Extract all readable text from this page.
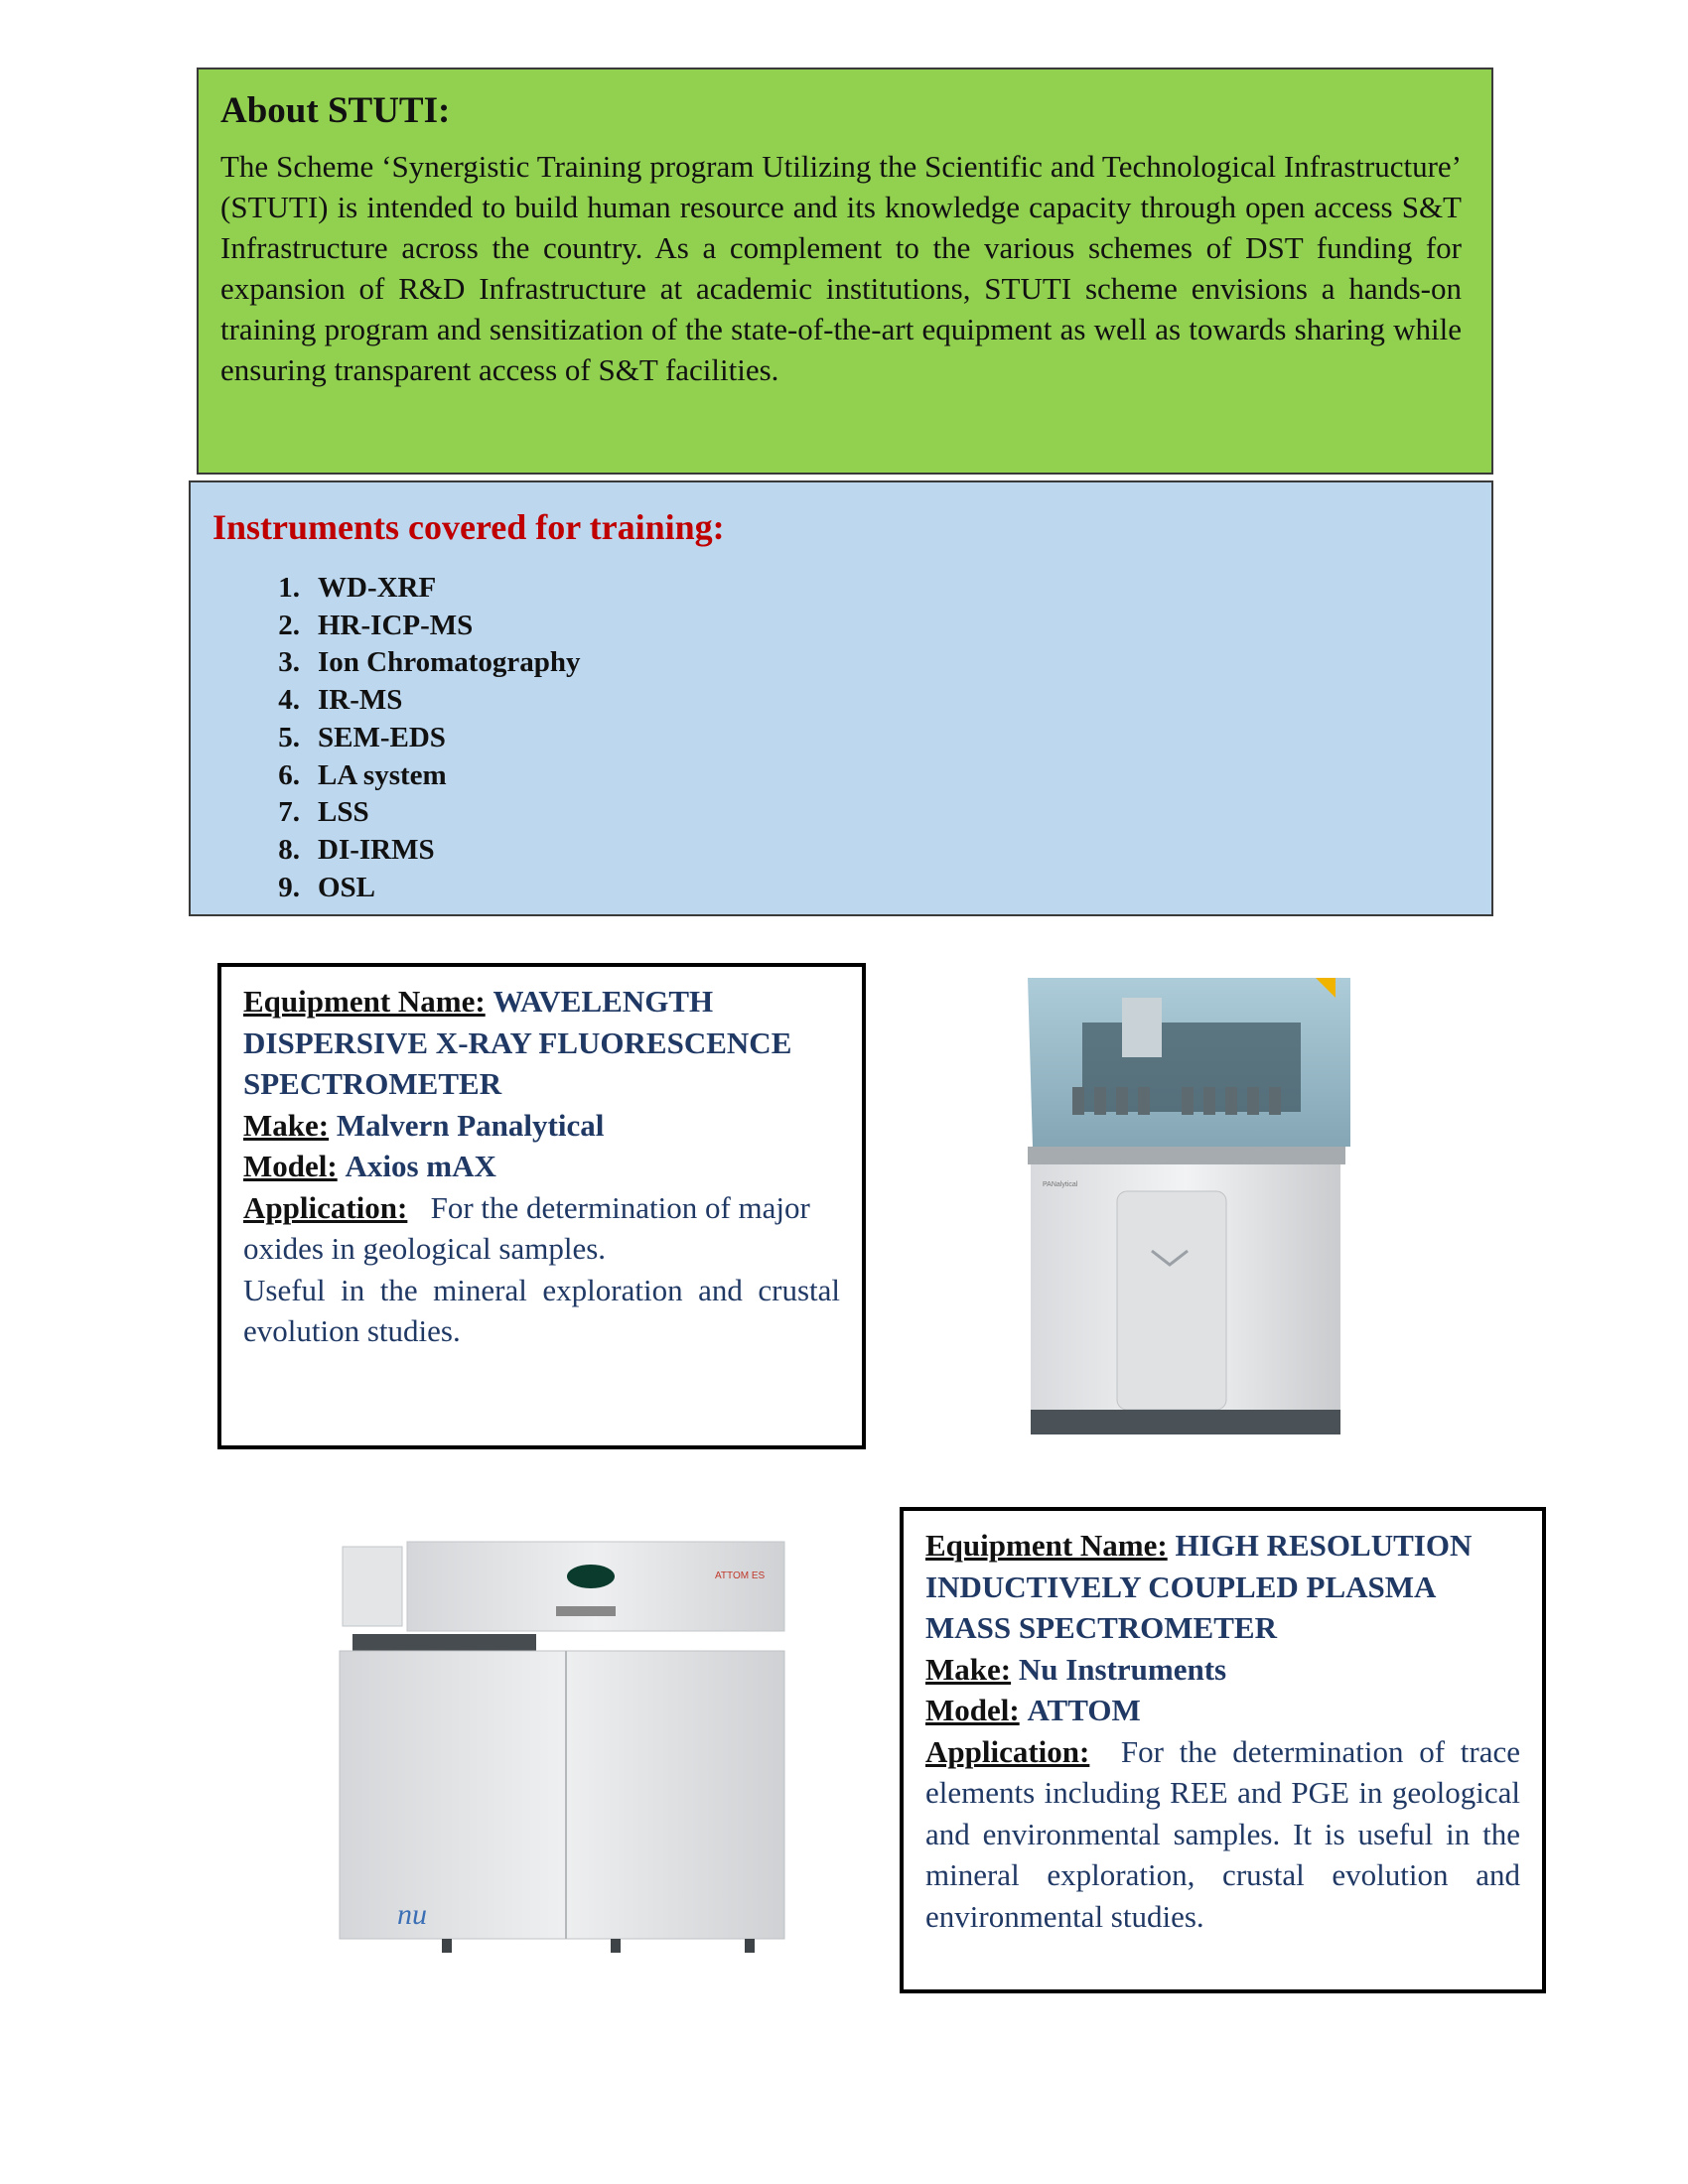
About STUTI:

The Scheme ‘Synergistic Training program Utilizing the Scientific and Technological Infrastructure’ (STUTI) is intended to build human resource and its knowledge capacity through open access S&T Infrastructure across the country. As a complement to the various schemes of DST funding for expansion of R&D Infrastructure at academic institutions, STUTI scheme envisions a hands-on training program and sensitization of the state-of-the-art equipment as well as towards sharing while ensuring transparent access of S&T facilities.

Instruments covered for training:
1. WD-XRF
2. HR-ICP-MS
3. Ion Chromatography
4. IR-MS
5. SEM-EDS
6. LA system
7. LSS
8. DI-IRMS
9. OSL
Equipment Name: WAVELENGTH DISPERSIVE X-RAY FLUORESCENCE SPECTROMETER
Make: Malvern Panalytical
Model: Axios mAX
Application: For the determination of major oxides in geological samples.
Useful in the mineral exploration and crustal evolution studies.
PANalytical
ATTOM ES
nu
Equipment Name: HIGH RESOLUTION INDUCTIVELY COUPLED PLASMA MASS SPECTROMETER
Make: Nu Instruments
Model: ATTOM
Application: For the determination of trace elements including REE and PGE in geological and environmental samples. It is useful in the mineral exploration, crustal evolution and environmental studies.
